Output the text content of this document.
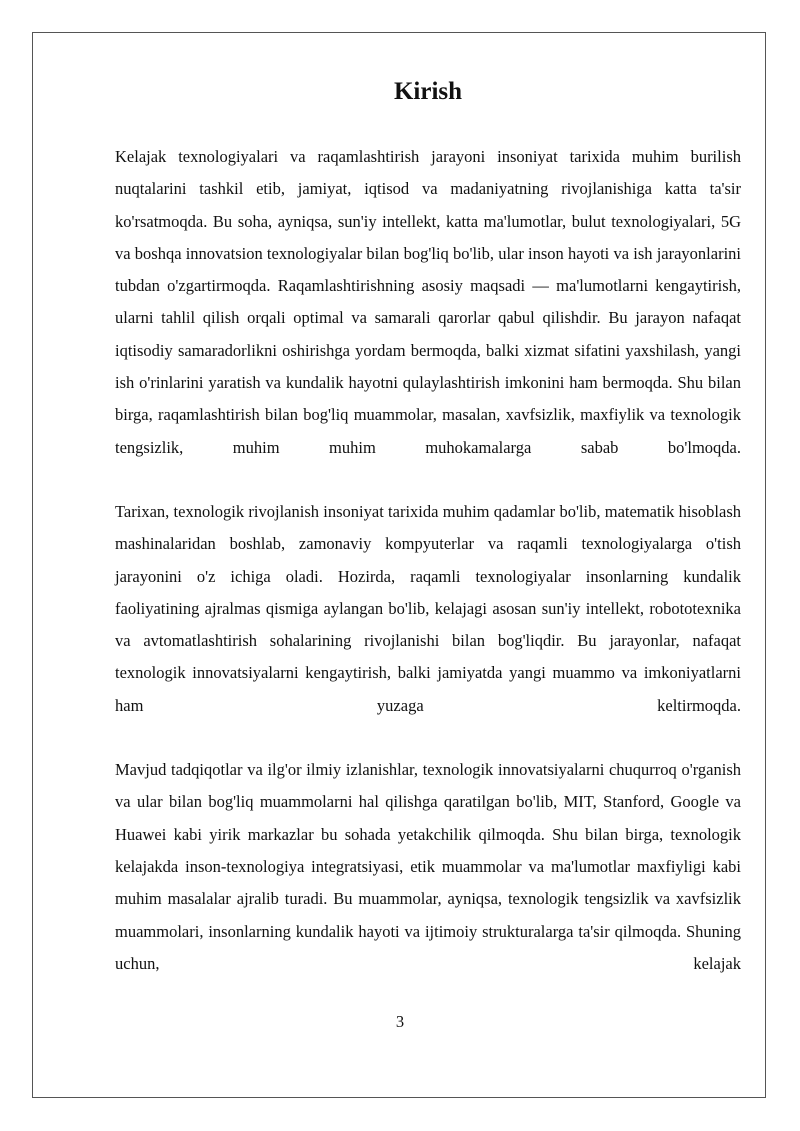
Kirish

Kelajak texnologiyalari va raqamlashtirish jarayoni insoniyat tarixida muhim burilish nuqtalarini tashkil etib, jamiyat, iqtisod va madaniyatning rivojlanishiga katta ta'sir ko'rsatmoqda. Bu soha, ayniqsa, sun'iy intellekt, katta ma'lumotlar, bulut texnologiyalari, 5G va boshqa innovatsion texnologiyalar bilan bog'liq bo'lib, ular inson hayoti va ish jarayonlarini tubdan o'zgartirmoqda. Raqamlashtirishning asosiy maqsadi — ma'lumotlarni kengaytirish, ularni tahlil qilish orqali optimal va samarali qarorlar qabul qilishdir. Bu jarayon nafaqat iqtisodiy samaradorlikni oshirishga yordam bermoqda, balki xizmat sifatini yaxshilash, yangi ish o'rinlarini yaratish va kundalik hayotni qulaylashtirish imkonini ham bermoqda. Shu bilan birga, raqamlashtirish bilan bog'liq muammolar, masalan, xavfsizlik, maxfiylik va texnologik tengsizlik, muhim muhim muhokamalarga sabab bo'lmoqda.

Tarixan, texnologik rivojlanish insoniyat tarixida muhim qadamlar bo'lib, matematik hisoblash mashinalaridan boshlab, zamonaviy kompyuterlar va raqamli texnologiyalarga o'tish jarayonini o'z ichiga oladi. Hozirda, raqamli texnologiyalar insonlarning kundalik faoliyatining ajralmas qismiga aylangan bo'lib, kelajagi asosan sun'iy intellekt, robototexnika va avtomatlashtirish sohalarining rivojlanishi bilan bog'liqdir. Bu jarayonlar, nafaqat texnologik innovatsiyalarni kengaytirish, balki jamiyatda yangi muammo va imkoniyatlarni ham yuzaga keltirmoqda.

Mavjud tadqiqotlar va ilg'or ilmiy izlanishlar, texnologik innovatsiyalarni chuqurroq o'rganish va ular bilan bog'liq muammolarni hal qilishga qaratilgan bo'lib, MIT, Stanford, Google va Huawei kabi yirik markazlar bu sohada yetakchilik qilmoqda. Shu bilan birga, texnologik kelajakda inson-texnologiya integratsiyasi, etik muammolar va ma'lumotlar maxfiyligi kabi muhim masalalar ajralib turadi. Bu muammolar, ayniqsa, texnologik tengsizlik va xavfsizlik muammolari, insonlarning kundalik hayoti va ijtimoiy strukturalarga ta'sir qilmoqda. Shuning uchun, kelajak

3
